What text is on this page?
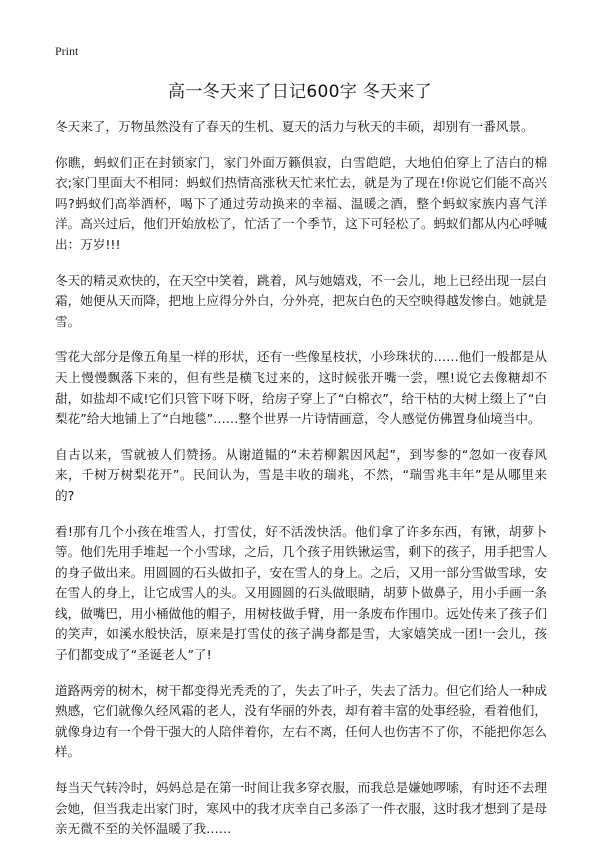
Print
高一冬天来了日记600字 冬天来了

冬天来了，万物虽然没有了春天的生机、夏天的活力与秋天的丰硕，却别有一番风景。

你瞧，蚂蚁们正在封锁家门，家门外面万籁俱寂，白雪皑皑，大地伯伯穿上了洁白的棉衣;家门里面大不相同：蚂蚁们热情高涨秋天忙来忙去，就是为了现在!你说它们能不高兴吗?蚂蚁们高举酒杯，喝下了通过劳动换来的幸福、温暖之酒，整个蚂蚁家族内喜气洋洋。高兴过后，他们开始放松了，忙活了一个季节，这下可轻松了。蚂蚁们都从内心呼喊出：万岁!!!

冬天的精灵欢快的，在天空中笑着，跳着，风与她嬉戏，不一会儿，地上已经出现一层白霜，她便从天而降，把地上应得分外白，分外亮，把灰白色的天空映得越发惨白。她就是雪。

雪花大部分是像五角星一样的形状，还有一些像星枝状，小珍珠状的……他们一般都是从天上慢慢飘落下来的，但有些是横飞过来的，这时候张开嘴一尝，嘿!说它去像糖却不甜，如盐却不咸!它们只管下呀下呀，给房子穿上了“白棉衣”，给干枯的大树上缀上了“白梨花”给大地铺上了“白地毯”……整个世界一片诗情画意，令人感觉仿佛置身仙境当中。

自古以来，雪就被人们赞扬。从谢道韫的“未若柳絮因风起”，到岑参的“忽如一夜春风来，千树万树梨花开”。民间认为，雪是丰收的瑞兆，不然，“瑞雪兆丰年”是从哪里来的?

看!那有几个小孩在堆雪人，打雪仗，好不活泼快活。他们拿了许多东西，有锹，胡萝卜等。他们先用手堆起一个小雪球，之后，几个孩子用铁锹运雪，剩下的孩子，用手把雪人的身子做出来。用圆圆的石头做扣子，安在雪人的身上。之后，又用一部分雪做雪球，安在雪人的身上，让它成雪人的头。又用圆圆的石头做眼睛，胡萝卜做鼻子，用小手画一条线，做嘴巴，用小桶做他的帽子，用树枝做手臂，用一条废布作围巾。远处传来了孩子们的笑声，如溪水般快活，原来是打雪仗的孩子满身都是雪，大家嬉笑成一团!一会儿，孩子们都变成了“圣诞老人”了!

道路两旁的树木，树干都变得光秃秃的了，失去了叶子，失去了活力。但它们给人一种成熟感，它们就像久经风霜的老人，没有华丽的外表，却有着丰富的处事经验，看着他们，就像身边有一个骨干强大的人陪伴着你，左右不离，任何人也伤害不了你，不能把你怎么样。

每当天气转冷时，妈妈总是在第一时间让我多穿衣服，而我总是嫌她啰嗦，有时还不去理会她，但当我走出家门时，寒风中的我才庆幸自己多添了一件衣服，这时我才想到了是母亲无微不至的关怀温暖了我……
